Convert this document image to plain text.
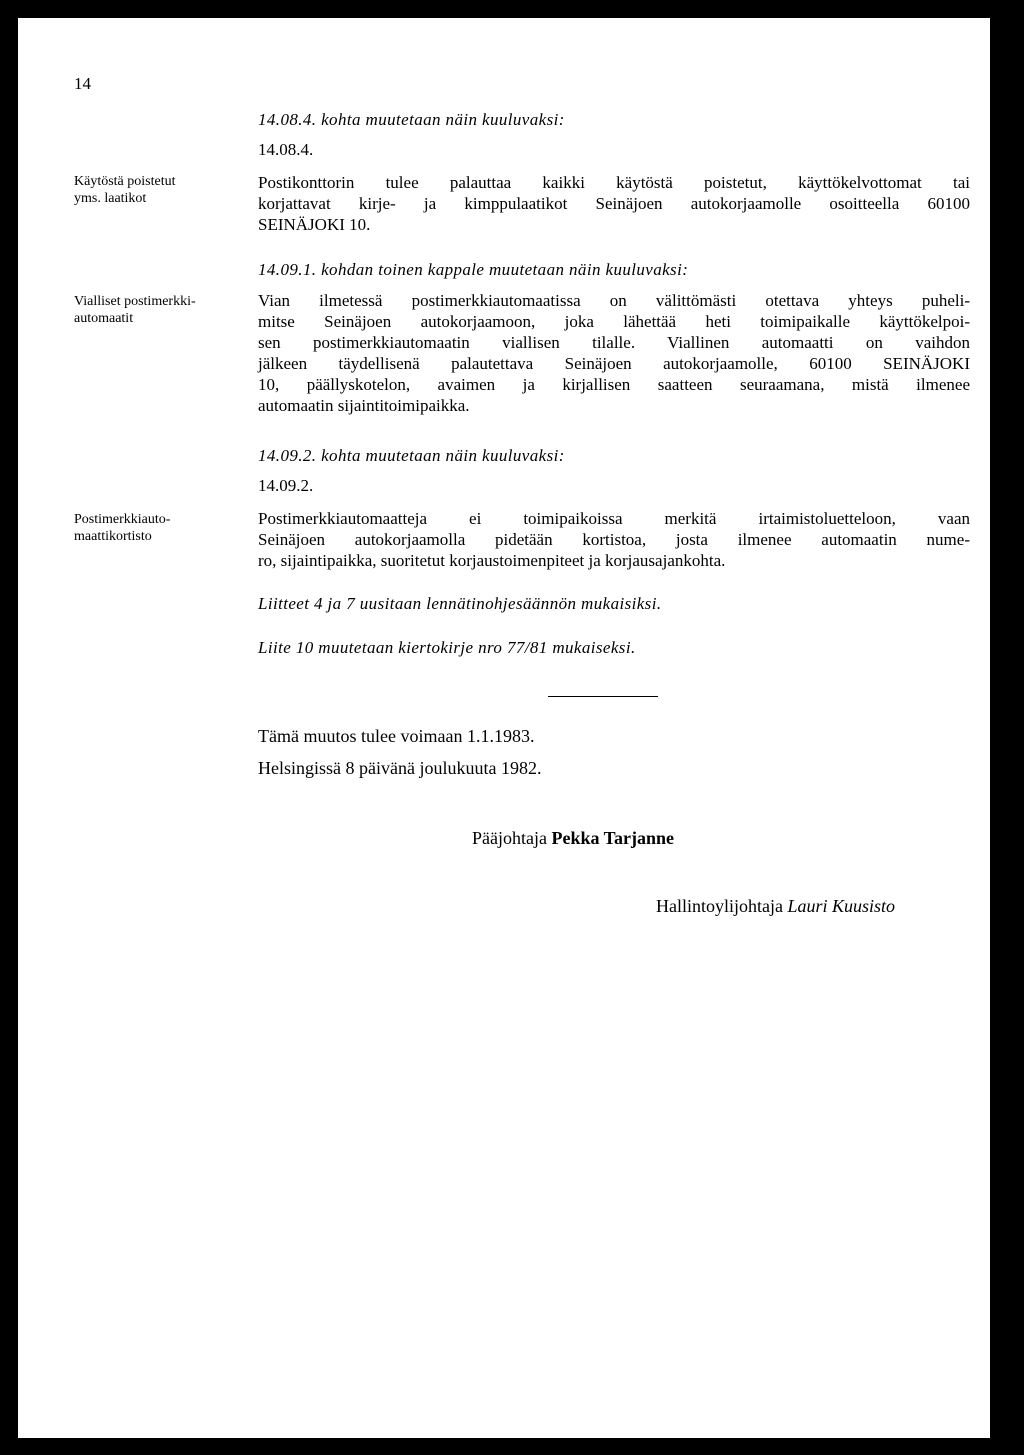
14
Käytöstä poistetut
yms. laatikot
Vialliset postimerkki-
automaatit
Postimerkkiauto-
maattikortisto
14.08.4. kohta muutetaan näin kuuluvaksi:
14.08.4.
Postikonttorin tulee palauttaa kaikki käytöstä poistetut, käyttökelvottomat tai
korjattavat kirje- ja kimppulaatikot Seinäjoen autokorjaamolle osoitteella 60100
SEINÄJOKI 10.
14.09.1. kohdan toinen kappale muutetaan näin kuuluvaksi:
Vian ilmetessä postimerkkiautomaatissa on välittömästi otettava yhteys puheli-
mitse Seinäjoen autokorjaamoon, joka lähettää heti toimipaikalle käyttökelpoi-
sen postimerkkiautomaatin viallisen tilalle. Viallinen automaatti on vaihdon
jälkeen täydellisenä palautettava Seinäjoen autokorjaamolle, 60100 SEINÄJOKI
10, päällyskotelon, avaimen ja kirjallisen saatteen seuraamana, mistä ilmenee
automaatin sijaintitoimipaikka.
14.09.2. kohta muutetaan näin kuuluvaksi:
14.09.2.
Postimerkkiautomaatteja ei toimipaikoissa merkitä irtaimistoluetteloon, vaan
Seinäjoen autokorjaamolla pidetään kortistoa, josta ilmenee automaatin nume-
ro, sijaintipaikka, suoritetut korjaustoimenpiteet ja korjausajankohta.
Liitteet 4 ja 7 uusitaan lennätinohjesäännön mukaisiksi.
Liite 10 muutetaan kiertokirje nro 77/81 mukaiseksi.
Tämä muutos tulee voimaan 1.1.1983.
Helsingissä 8 päivänä joulukuuta 1982.
Pääjohtaja Pekka Tarjanne
Hallintoylijohtaja Lauri Kuusisto
